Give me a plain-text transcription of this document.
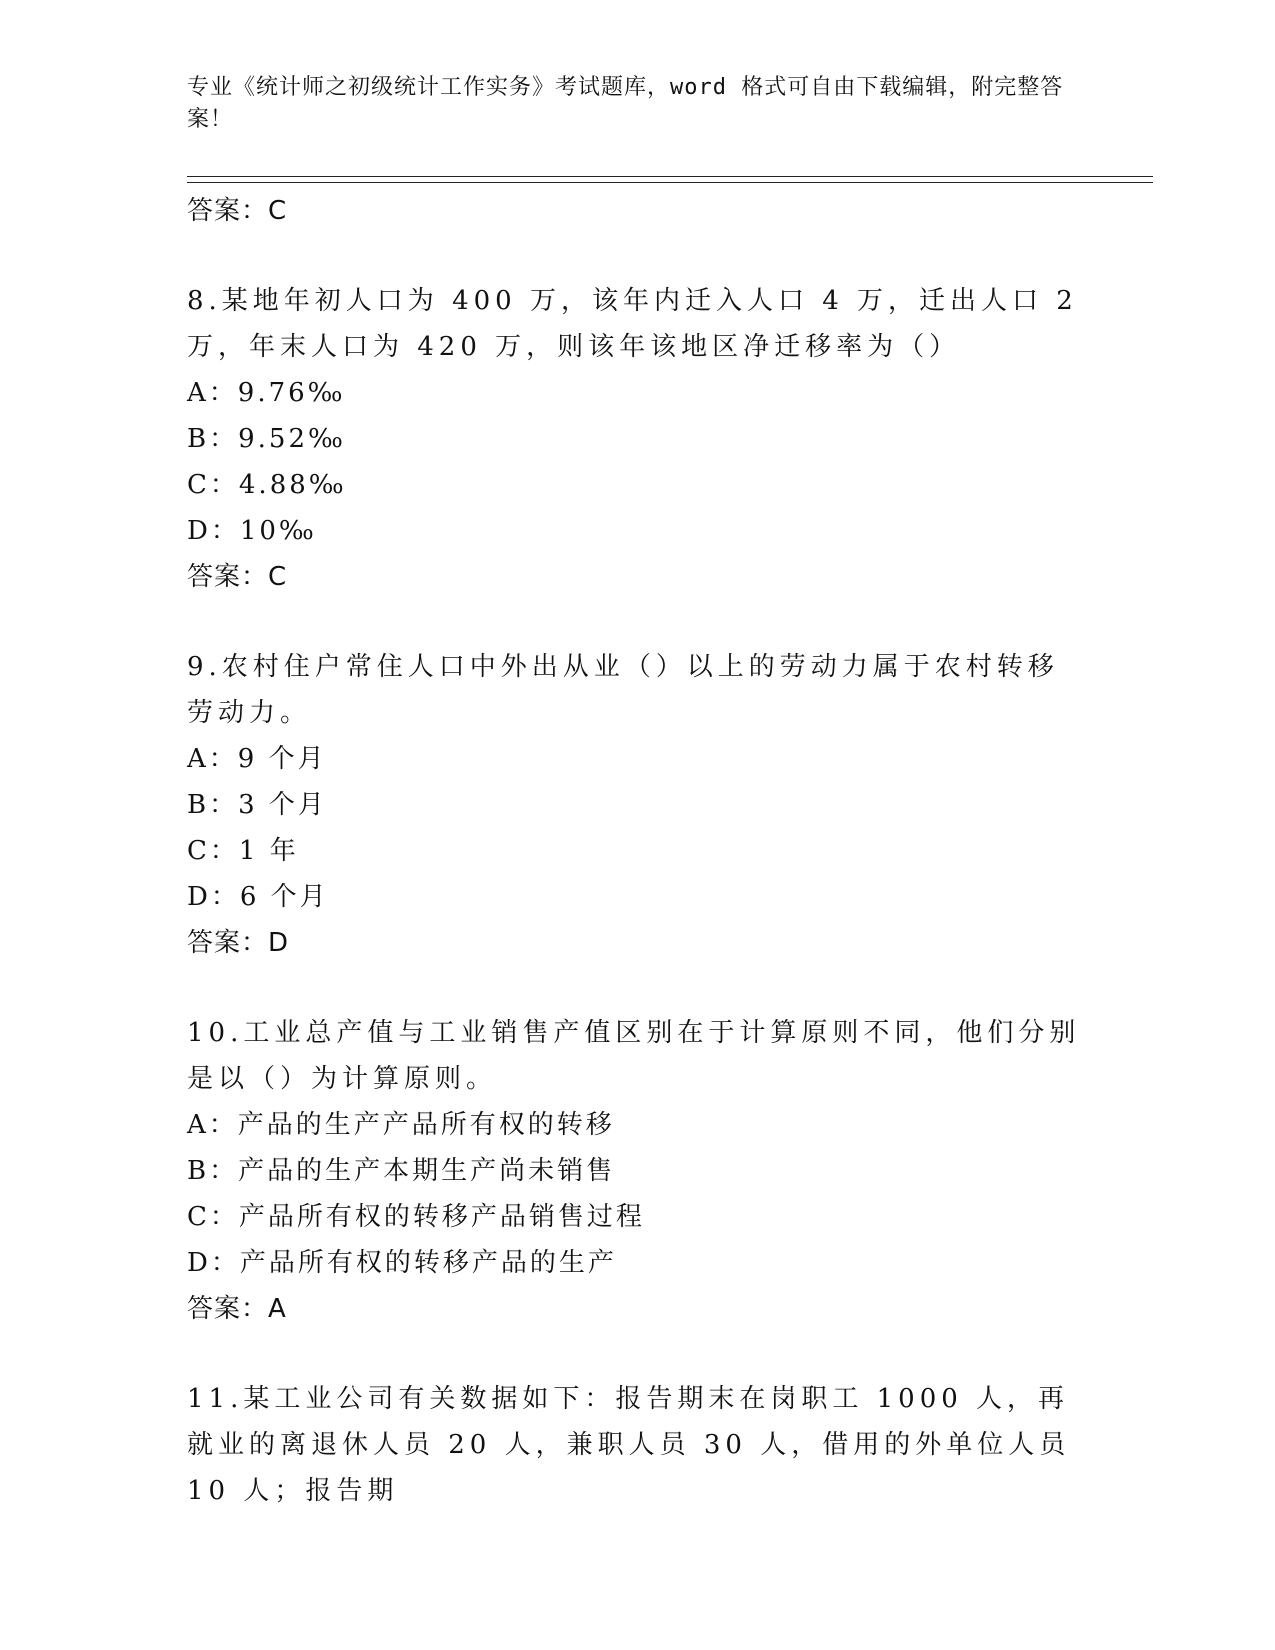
专业《统计师之初级统计工作实务》考试题库，word 格式可自由下载编辑，附完整答案！
答案：C
8.某地年初人口为 400 万，该年内迁入人口 4 万，迁出人口 2 万，年末人口为 420 万，则该年该地区净迁移率为（）
A：9.76‰
B：9.52‰
C：4.88‰
D：10‰
答案：C
9.农村住户常住人口中外出从业（）以上的劳动力属于农村转移劳动力。
A：9 个月
B：3 个月
C：1 年
D：6 个月
答案：D
10.工业总产值与工业销售产值区别在于计算原则不同，他们分别是以（）为计算原则。
A：产品的生产产品所有权的转移
B：产品的生产本期生产尚未销售
C：产品所有权的转移产品销售过程
D：产品所有权的转移产品的生产
答案：A
11.某工业公司有关数据如下：报告期末在岗职工 1000 人，再就业的离退休人员 20 人，兼职人员 30 人，借用的外单位人员 10 人；报告期
